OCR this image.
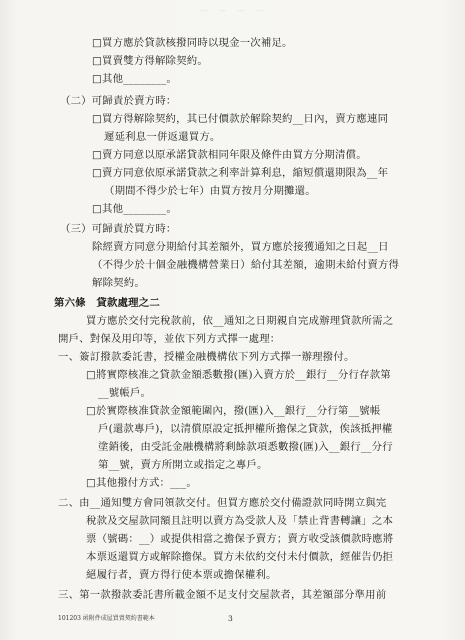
— — — —
□買方應於貸款核撥同時以現金一次補足。
□買賣雙方得解除契約。
□其他________。
（二）可歸責於賣方時：
□買方得解除契約，其已付價款於解除契約__日內，賣方應連同
遲延利息一併返還買方。
□賣方同意以原承諾貸款相同年限及條件由買方分期清償。
□賣方同意依原承諾貸款之利率計算利息，縮短償還期限為__年
（期間不得少於七年）由買方按月分期攤還。
□其他________。
（三）可歸責於買方時：
除經賣方同意分期給付其差額外，買方應於接獲通知之日起__日
（不得少於十個金融機構營業日）給付其差額，逾期未給付賣方得
解除契約。
第六條　貸款處理之二
買方應於交付完稅款前，依__通知之日期親自完成辦理貸款所需之
開戶、對保及用印等，並依下列方式擇一處理：
一、簽訂撥款委託書，授權金融機構依下列方式擇一辦理撥付。
□將實際核准之貸款金額悉數撥(匯)入賣方於__銀行__分行存款第
__號帳戶。
□於實際核准貸款金額範圍內，撥(匯)入__銀行__分行第__號帳
戶(還款專戶)，以清償原設定抵押權所擔保之貸款，俟該抵押權
塗銷後，由受託金融機構將剩餘款項悉數撥(匯)入__銀行__分行
第__號，賣方所開立或指定之專戶。
□其他撥付方式：___。
二、由__通知雙方會同領款交付。但買方應於交付備證款同時開立與完
稅款及交屋款同額且註明以賣方為受款人及「禁止背書轉讓」之本
票（號碼：__）或提供相當之擔保予賣方；賣方收受該價款時應將
本票返還買方或解除擔保。買方未依約交付未付價款，經催告仍拒
絕履行者，賣方得行使本票或擔保權利。
三、第一款撥款委託書所載金額不足支付交屋款者，其差額部分準用前
101203 函附件成屋買賣契約書範本	3
